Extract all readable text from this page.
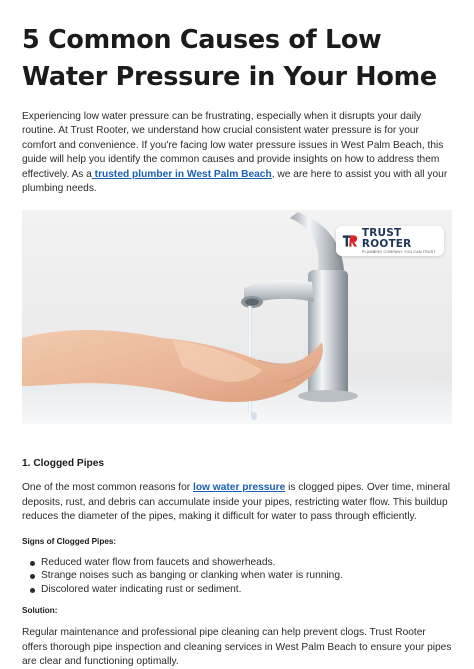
5 Common Causes of Low Water Pressure in Your Home

Experiencing low water pressure can be frustrating, especially when it disrupts your daily routine. At Trust Rooter, we understand how crucial consistent water pressure is for your comfort and convenience. If you're facing low water pressure issues in West Palm Beach, this guide will help you identify the common causes and provide insights on how to address them effectively. As a trusted plumber in West Palm Beach, we are here to assist you with all your plumbing needs.

TRUST ROOTER
PLUMBING COMPANY YOU CAN TRUST
1. Clogged Pipes

One of the most common reasons for low water pressure is clogged pipes. Over time, mineral deposits, rust, and debris can accumulate inside your pipes, restricting water flow. This buildup reduces the diameter of the pipes, making it difficult for water to pass through efficiently.

Signs of Clogged Pipes:
Reduced water flow from faucets and showerheads.
Strange noises such as banging or clanking when water is running.
Discolored water indicating rust or sediment.
Solution:

Regular maintenance and professional pipe cleaning can help prevent clogs. Trust Rooter offers thorough pipe inspection and cleaning services in West Palm Beach to ensure your pipes are clear and functioning optimally.
